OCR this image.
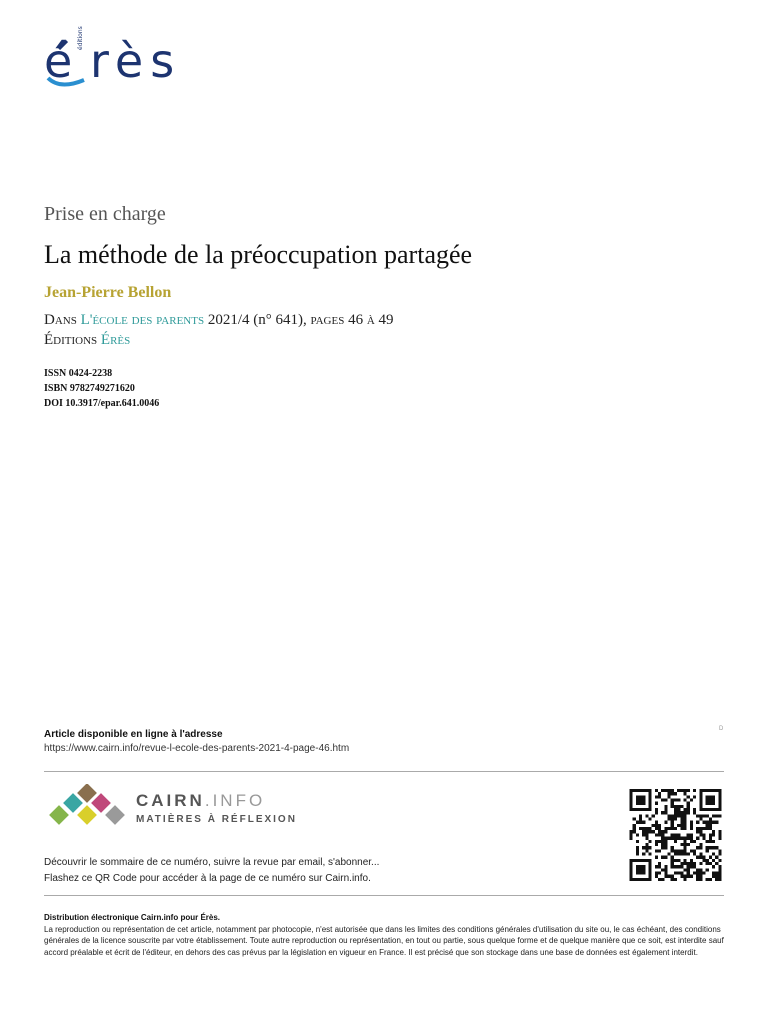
é éditions rès
Prise en charge
La méthode de la préoccupation partagée
Jean-Pierre Bellon
Dans L'école des parents 2021/4 (n° 641), pages 46 à 49
Éditions Érès
ISSN 0424-2238
ISBN 9782749271620
DOI 10.3917/epar.641.0046
D
Article disponible en ligne à l'adresse
https://www.cairn.info/revue-l-ecole-des-parents-2021-4-page-46.htm
CAIRN.INFO
MATIÈRES À RÉFLEXION
Découvrir le sommaire de ce numéro, suivre la revue par email, s'abonner...
Flashez ce QR Code pour accéder à la page de ce numéro sur Cairn.info.
Distribution électronique Cairn.info pour Érès.
La reproduction ou représentation de cet article, notamment par photocopie, n'est autorisée que dans les limites des conditions générales d'utilisation du site ou, le cas échéant, des conditions générales de la licence souscrite par votre établissement. Toute autre reproduction ou représentation, en tout ou partie, sous quelque forme et de quelque manière que ce soit, est interdite sauf accord préalable et écrit de l'éditeur, en dehors des cas prévus par la législation en vigueur en France. Il est précisé que son stockage dans une base de données est également interdit.
